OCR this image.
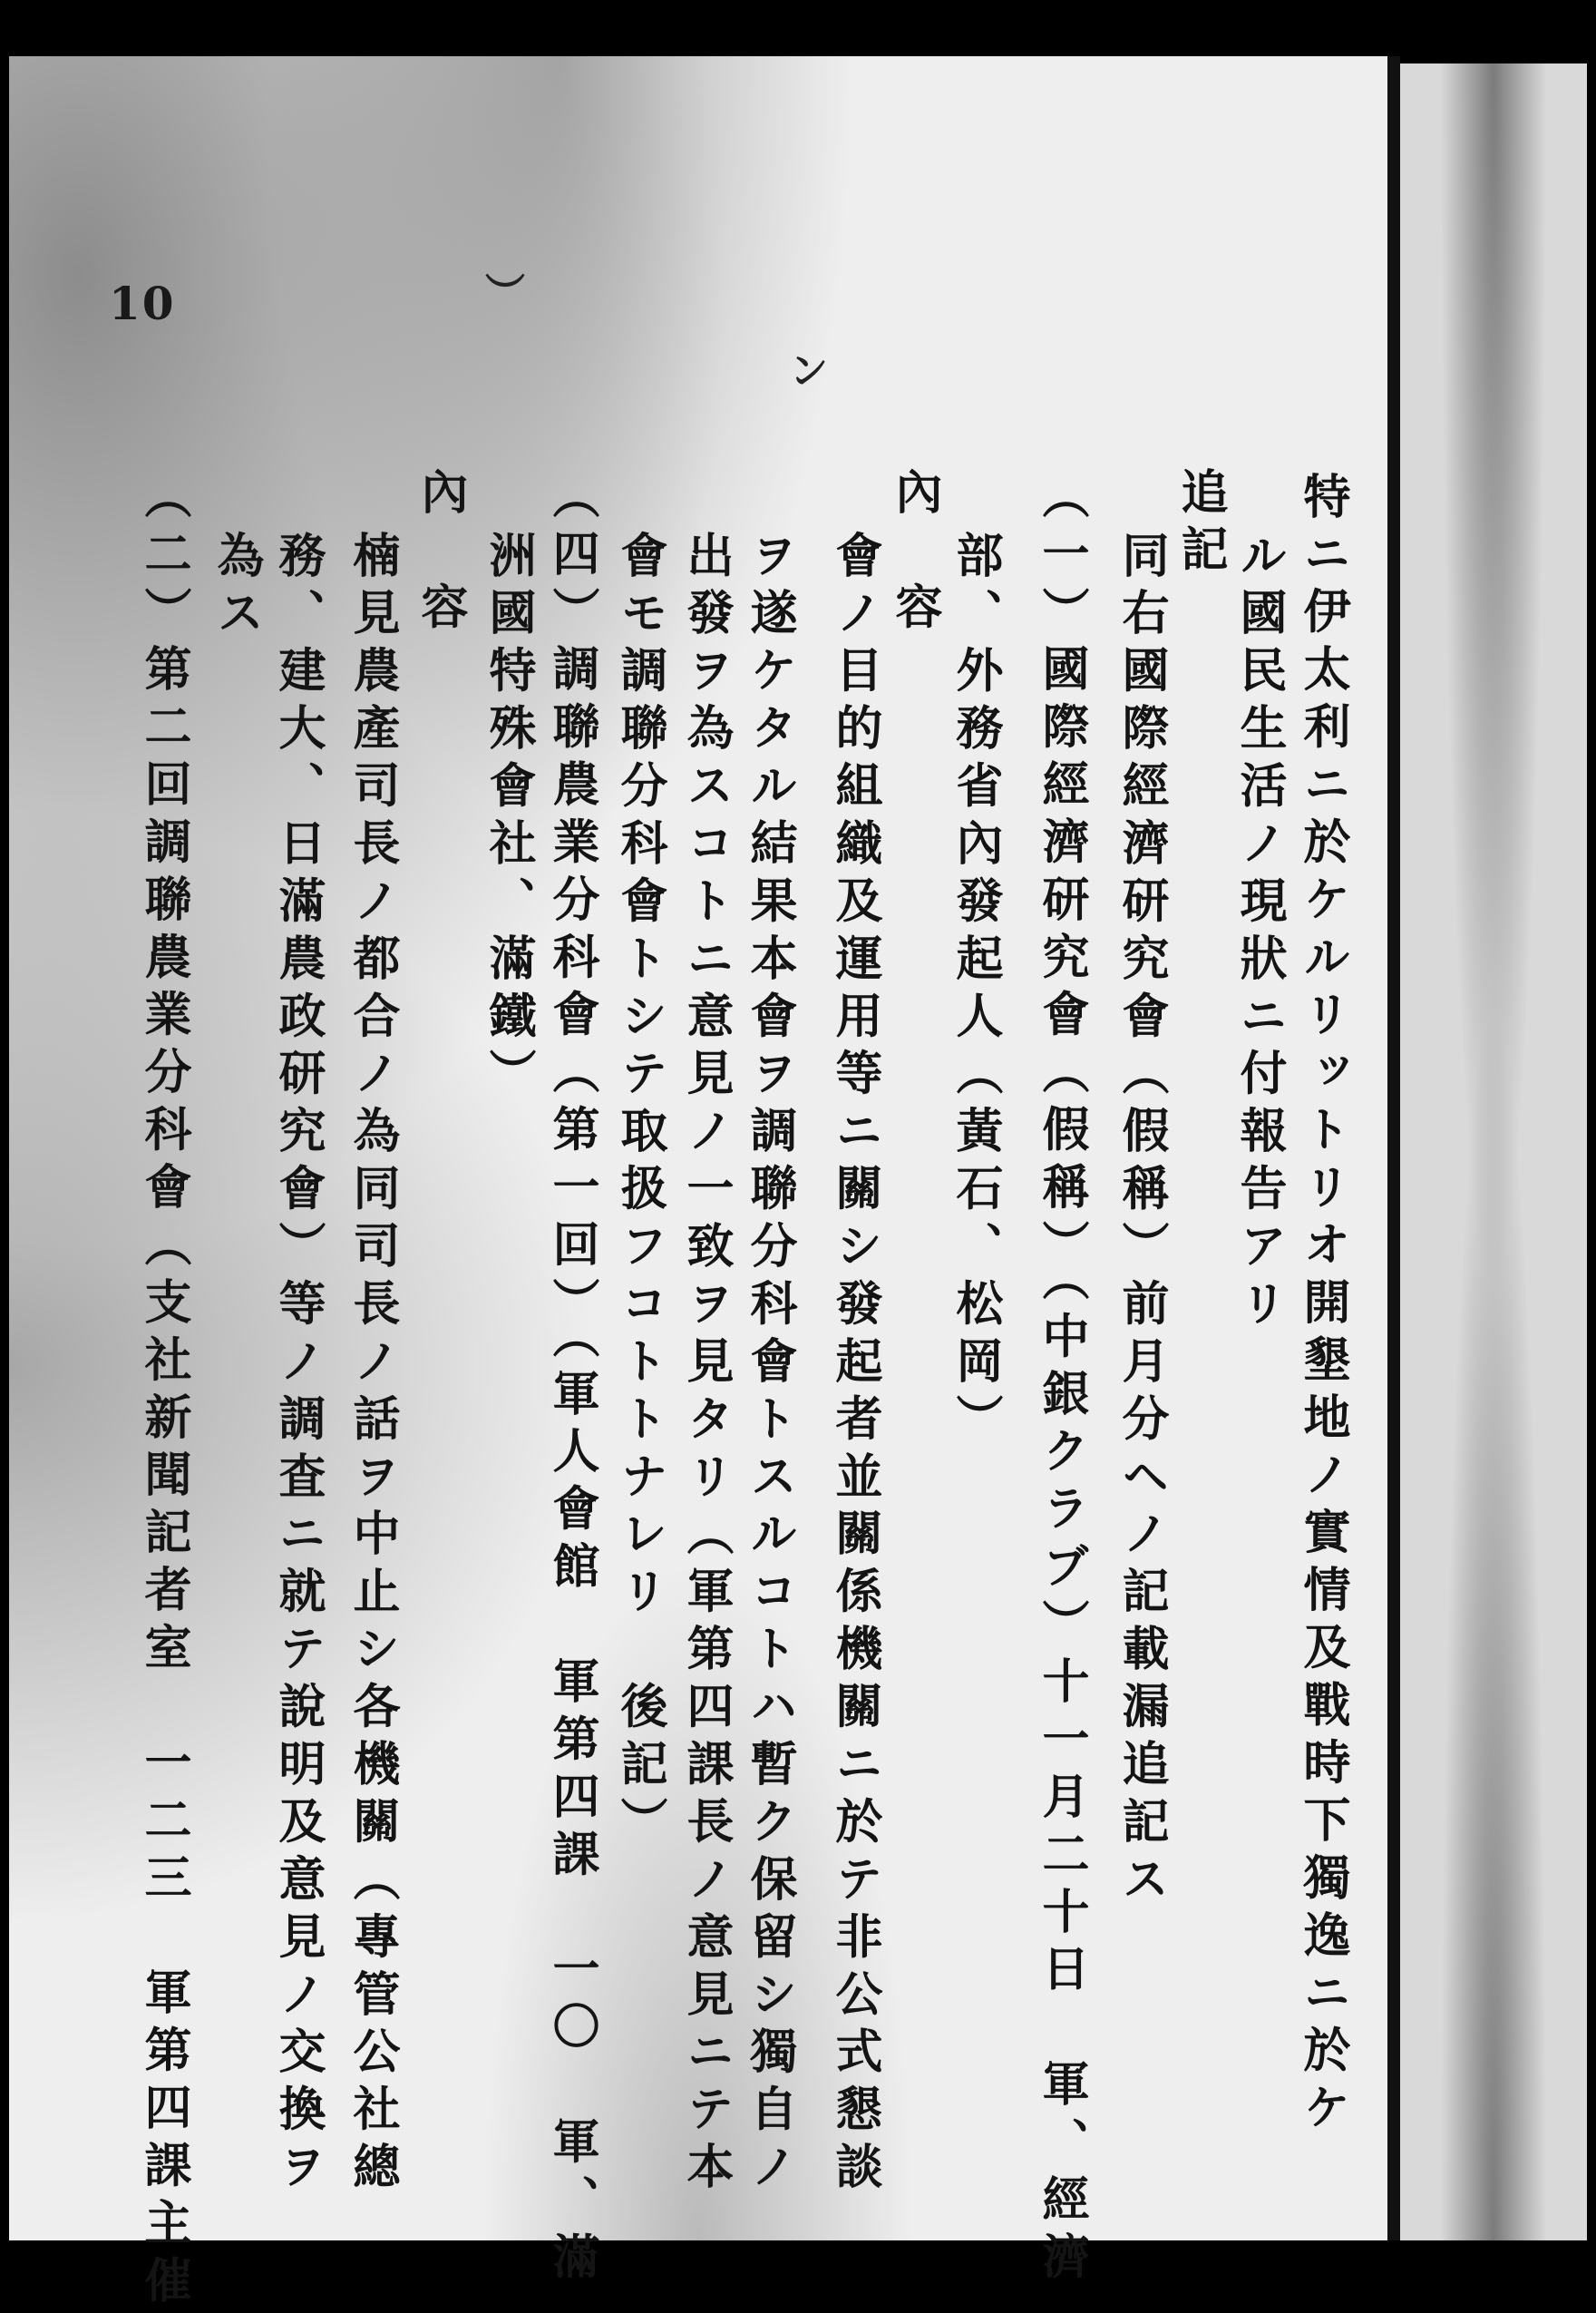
10	）
ン
特ニ伊太利ニ於ケルリットリオ開墾地ノ實情及戰時下獨逸ニ於ケ
ル國民生活ノ現狀ニ付報告アリ
追記
同右國際經濟研究會（假稱）前月分ヘノ記載漏追記ス
（一）國際經濟研究會（假稱）（中銀クラブ）十一月二十日　軍、經濟
部、外務省內發起人（黃石、松岡）
內　容
會ノ目的組織及運用等ニ關シ發起者並關係機關ニ於テ非公式懇談
ヲ遂ケタル結果本會ヲ調聯分科會トスルコトハ暫ク保留シ獨自ノ
出發ヲ為スコトニ意見ノ一致ヲ見タリ（軍第四課長ノ意見ニテ本
會モ調聯分科會トシテ取扱フコトトナレリ　後記）
（四）調聯農業分科會（第一回）（軍人會館　軍第四課　一〇　軍、滿
洲國特殊會社、滿鐵）
內　容
楠見農產司長ノ都合ノ為同司長ノ話ヲ中止シ各機關（專管公社總
務、建大、日滿農政研究會）等ノ調査ニ就テ說明及意見ノ交換ヲ
為ス
（二）第二回調聯農業分科會（支社新聞記者室　一二三　軍第四課主催
